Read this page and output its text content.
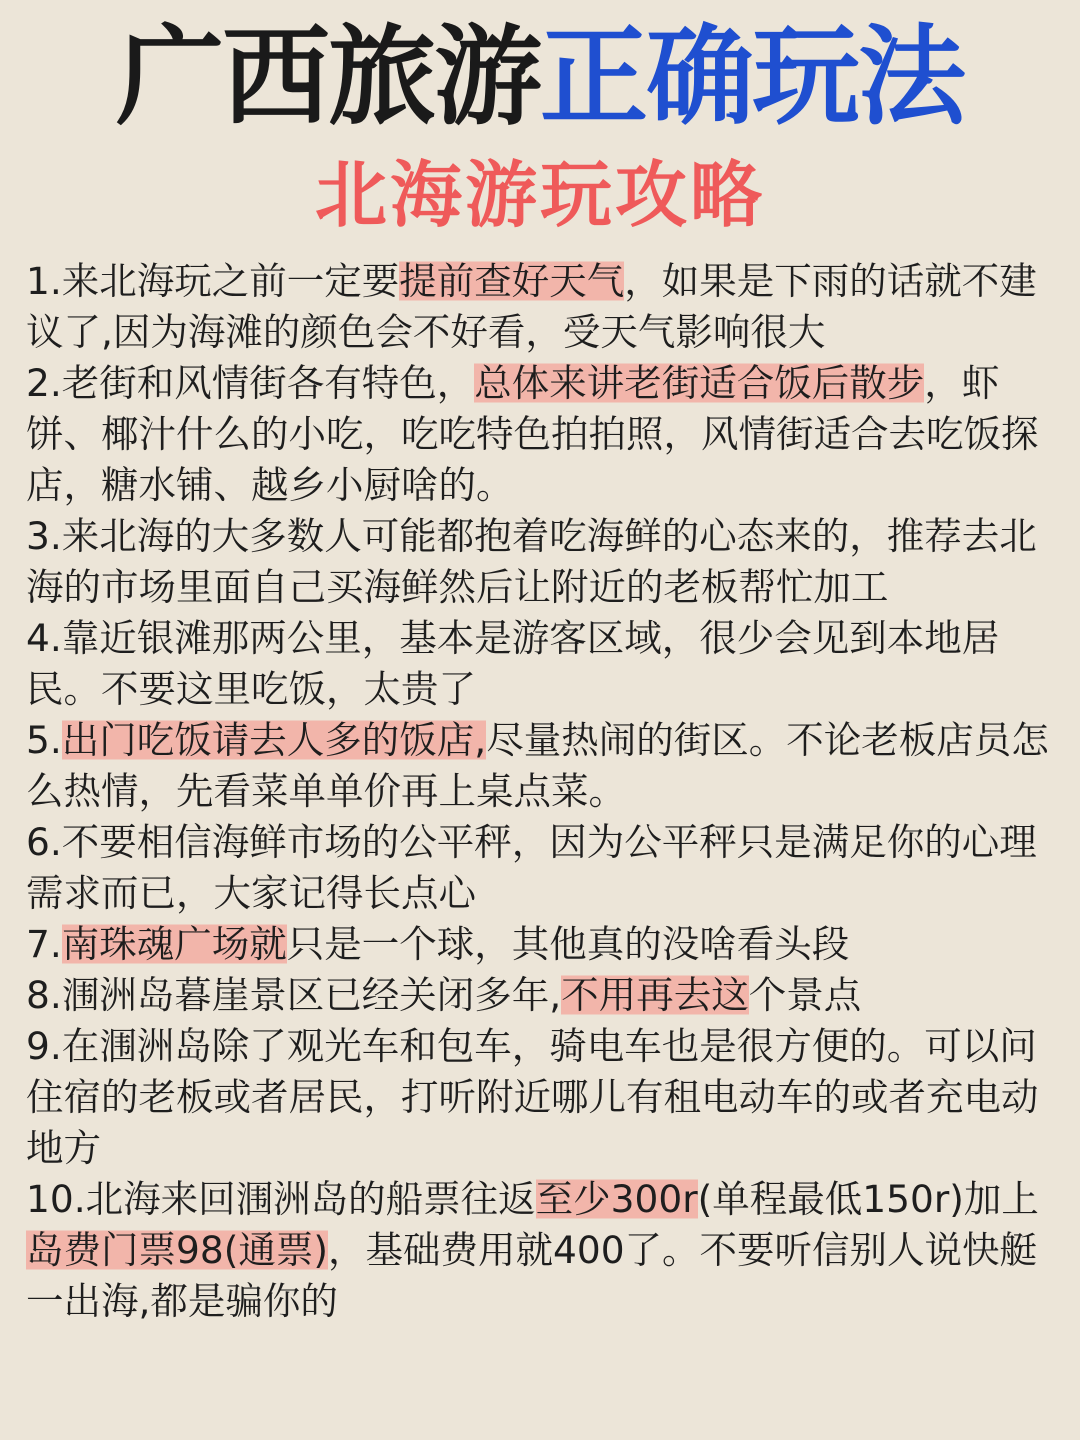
广西旅游正确玩法
北海游玩攻略

1.来北海玩之前一定要提前查好天气，如果是下雨的话就不建议了,因为海滩的颜色会不好看，受天气影响很大

2.老街和风情街各有特色，总体来讲老街适合饭后散步，虾饼、椰汁什么的小吃，吃吃特色拍拍照，风情街适合去吃饭探店，糖水铺、越乡小厨啥的。

3.来北海的大多数人可能都抱着吃海鲜的心态来的，推荐去北海的市场里面自己买海鲜然后让附近的老板帮忙加工

4.靠近银滩那两公里，基本是游客区域，很少会见到本地居民。不要这里吃饭，太贵了

5.出门吃饭请去人多的饭店,尽量热闹的街区。不论老板店员怎么热情，先看菜单单价再上桌点菜。

6.不要相信海鲜市场的公平秤，因为公平秤只是满足你的心理需求而已，大家记得长点心

7.南珠魂广场就只是一个球，其他真的没啥看头段

8.涠洲岛暮崖景区已经关闭多年,不用再去这个景点

9.在涠洲岛除了观光车和包车，骑电车也是很方便的。可以问住宿的老板或者居民，打听附近哪儿有租电动车的或者充电动地方

10.北海来回涠洲岛的船票往返至少300r(单程最低150r)加上岛费门票98(通票)，基础费用就400了。不要听信别人说快艇一出海,都是骗你的
